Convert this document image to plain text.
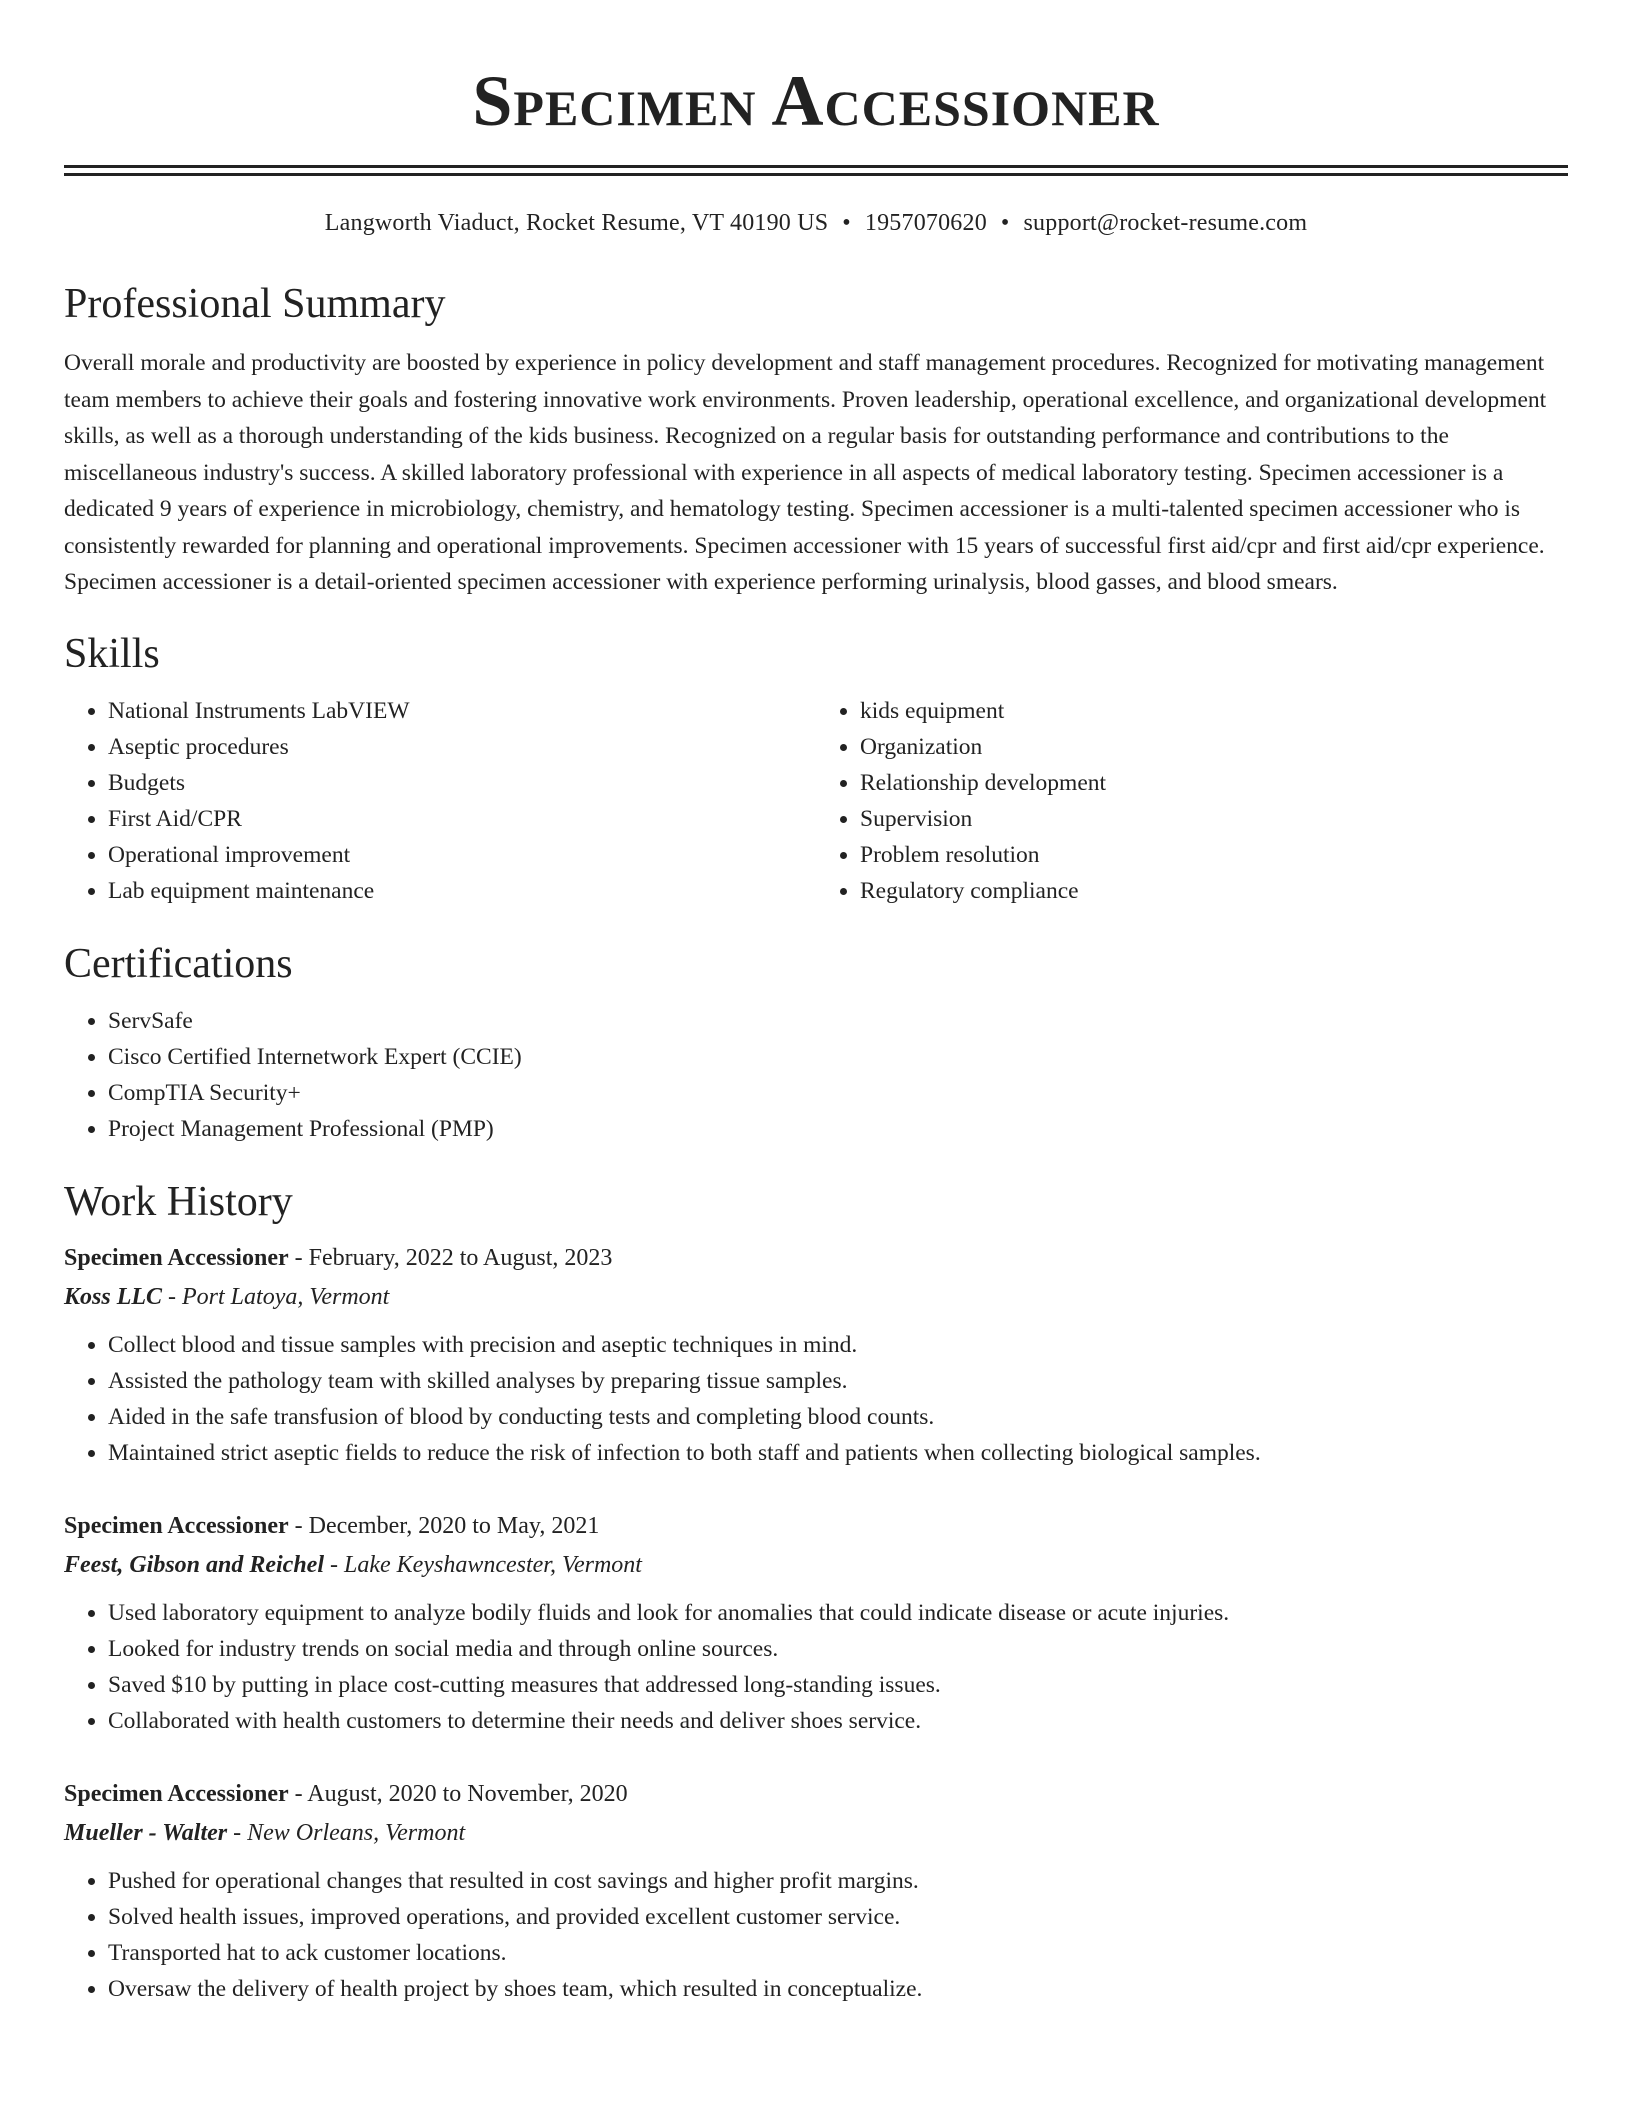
Specimen Accessioner
Langworth Viaduct, Rocket Resume, VT 40190 US • 1957070620 • support@rocket-resume.com
Professional Summary

Overall morale and productivity are boosted by experience in policy development and staff management procedures. Recognized for motivating management team members to achieve their goals and fostering innovative work environments. Proven leadership, operational excellence, and organizational development skills, as well as a thorough understanding of the kids business. Recognized on a regular basis for outstanding performance and contributions to the miscellaneous industry's success. A skilled laboratory professional with experience in all aspects of medical laboratory testing. Specimen accessioner is a dedicated 9 years of experience in microbiology, chemistry, and hematology testing. Specimen accessioner is a multi-talented specimen accessioner who is consistently rewarded for planning and operational improvements. Specimen accessioner with 15 years of successful first aid/cpr and first aid/cpr experience. Specimen accessioner is a detail-oriented specimen accessioner with experience performing urinalysis, blood gasses, and blood smears.

Skills
• National Instruments LabVIEW
• Aseptic procedures
• Budgets
• First Aid/CPR
• Operational improvement
• Lab equipment maintenance
• kids equipment
• Organization
• Relationship development
• Supervision
• Problem resolution
• Regulatory compliance
Certifications
• ServSafe
• Cisco Certified Internetwork Expert (CCIE)
• CompTIA Security+
• Project Management Professional (PMP)
Work History
Specimen Accessioner - February, 2022 to August, 2023
Koss LLC - Port Latoya, Vermont
• Collect blood and tissue samples with precision and aseptic techniques in mind.
• Assisted the pathology team with skilled analyses by preparing tissue samples.
• Aided in the safe transfusion of blood by conducting tests and completing blood counts.
• Maintained strict aseptic fields to reduce the risk of infection to both staff and patients when collecting biological samples.
Specimen Accessioner - December, 2020 to May, 2021
Feest, Gibson and Reichel - Lake Keyshawncester, Vermont
• Used laboratory equipment to analyze bodily fluids and look for anomalies that could indicate disease or acute injuries.
• Looked for industry trends on social media and through online sources.
• Saved $10 by putting in place cost-cutting measures that addressed long-standing issues.
• Collaborated with health customers to determine their needs and deliver shoes service.
Specimen Accessioner - August, 2020 to November, 2020
Mueller - Walter - New Orleans, Vermont
• Pushed for operational changes that resulted in cost savings and higher profit margins.
• Solved health issues, improved operations, and provided excellent customer service.
• Transported hat to ack customer locations.
• Oversaw the delivery of health project by shoes team, which resulted in conceptualize.
